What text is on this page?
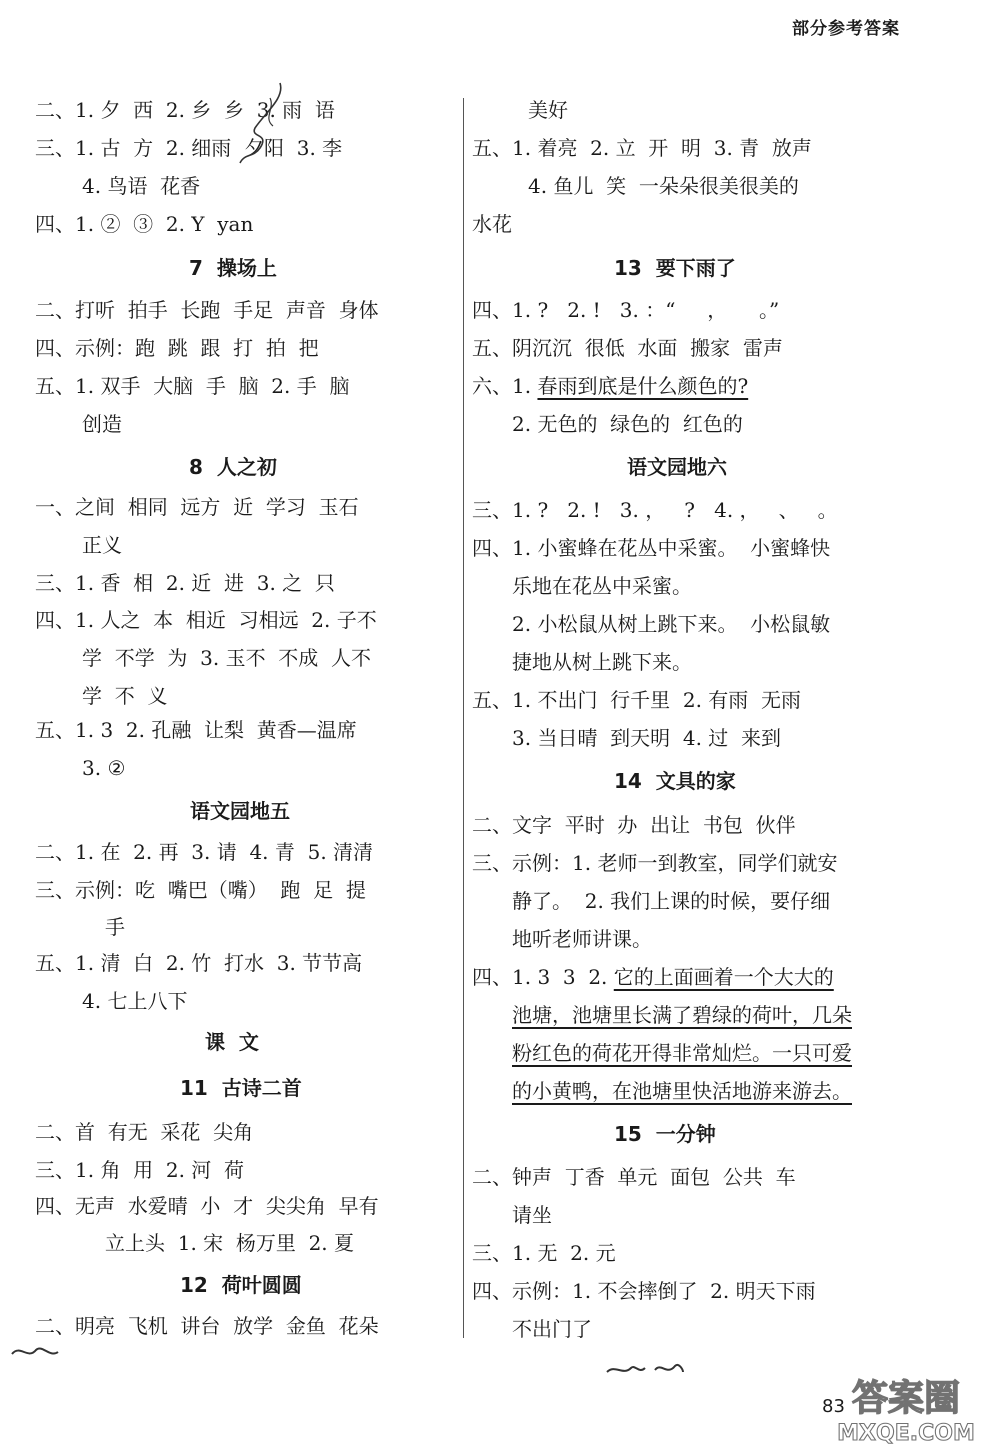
部分参考答案
二、1. 夕  西  2. 乡  乡  3. 雨  语
三、1. 古  方  2. 细雨  夕阳  3. 李
4. 鸟语  花香
四、1. ②  ③  2. Y  yan
7  操场上
二、打听  拍手  长跑  手足  声音  身体
四、示例：跑  跳  跟  打  拍  把
五、1. 双手  大脑  手  脑  2. 手  脑
创造
8  人之初
一、之间  相同  远方  近  学习  玉石
正义
三、1. 香  相  2. 近  进  3. 之  只
四、1. 人之  本  相近  习相远  2. 子不
学  不学  为  3. 玉不  不成  人不
学  不  义
五、1. 3  2. 孔融  让梨  黄香—温席
3. ②
语文园地五
二、1. 在  2. 再  3. 请  4. 青  5. 清清
三、示例：吃  嘴巴（嘴）  跑  足  提
手
五、1. 清  白  2. 竹  打水  3. 节节高
4. 七上八下
课  文
11  古诗二首
二、首  有无  采花  尖角
三、1. 角  用  2. 河  荷
四、无声  水爱晴  小  才  尖尖角  早有
立上头  1. 宋  杨万里  2. 夏
12  荷叶圆圆
二、明亮  飞机  讲台  放学  金鱼  花朵
美好
五、1. 着亮  2. 立  开  明  3. 青  放声
4. 鱼儿  笑  一朵朵很美很美的
水花
13  要下雨了
四、1. ?   2. !   3. ：“     ，     。”
五、阴沉沉  很低  水面  搬家  雷声
六、1. 春雨到底是什么颜色的?
2. 无色的  绿色的  红色的
语文园地六
三、1. ?   2. !   3. ，   ?   4. ，   、   。
四、1. 小蜜蜂在花丛中采蜜。  小蜜蜂快
乐地在花丛中采蜜。
2. 小松鼠从树上跳下来。  小松鼠敏
捷地从树上跳下来。
五、1. 不出门  行千里  2. 有雨  无雨
3. 当日晴  到天明  4. 过  来到
14  文具的家
二、文字  平时  办  出让  书包  伙伴
三、示例：1. 老师一到教室，同学们就安
静了。  2. 我们上课的时候，要仔细
地听老师讲课。
四、1. 3  3  2. 它的上面画着一个大大的
池塘，池塘里长满了碧绿的荷叶，几朵
粉红色的荷花开得非常灿烂。一只可爱
的小黄鸭，在池塘里快活地游来游去。
15  一分钟
二、钟声  丁香  单元  面包  公共  车
请坐
三、1. 无  2. 元
四、示例：1. 不会摔倒了  2. 明天下雨
不出门了
83 答案圈
MXQE.COM
